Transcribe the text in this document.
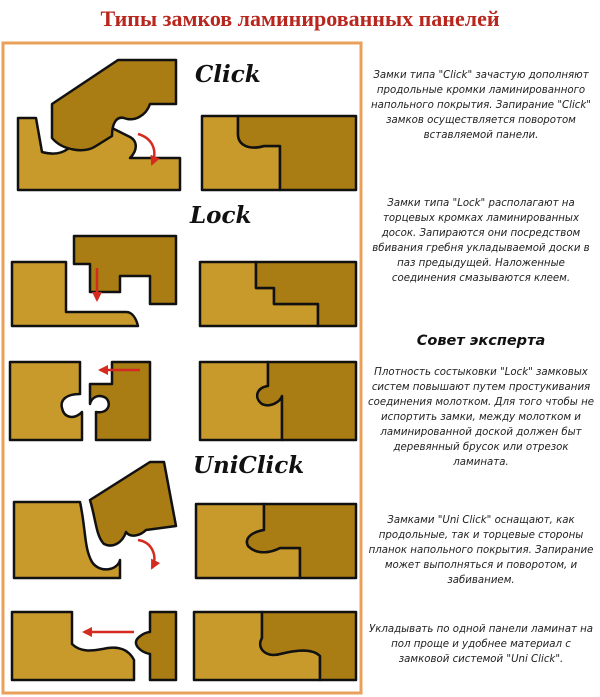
Типы замков ламинированных панелей
Click
Lock
UniClick

Замки типа "Click" зачастую дополняют продольные кромки ламинированного напольного покрытия. Запирание "Click" замков осуществляется поворотом вставляемой панели.

Замки типа "Lock" располагают на торцевых кромках ламинированных досок. Запираются они посредством вбивания гребня укладываемой доски в паз предыдущей. Наложенные соединения смазываются клеем.

Совет эксперта

Плотность состыковки "Lock" замковых систем повышают путем простукивания соединения молотком. Для того чтобы не испортить замки, между молотком и ламинированной доской должен быт деревянный брусок или отрезок ламината.

Замками "Uni Click" оснащают, как продольные, так и торцевые стороны планок напольного покрытия. Запирание может выполняться и поворотом, и забиванием.

Укладывать по одной панели ламинат на пол проще и удобнее материал с замковой системой "Uni Click".
